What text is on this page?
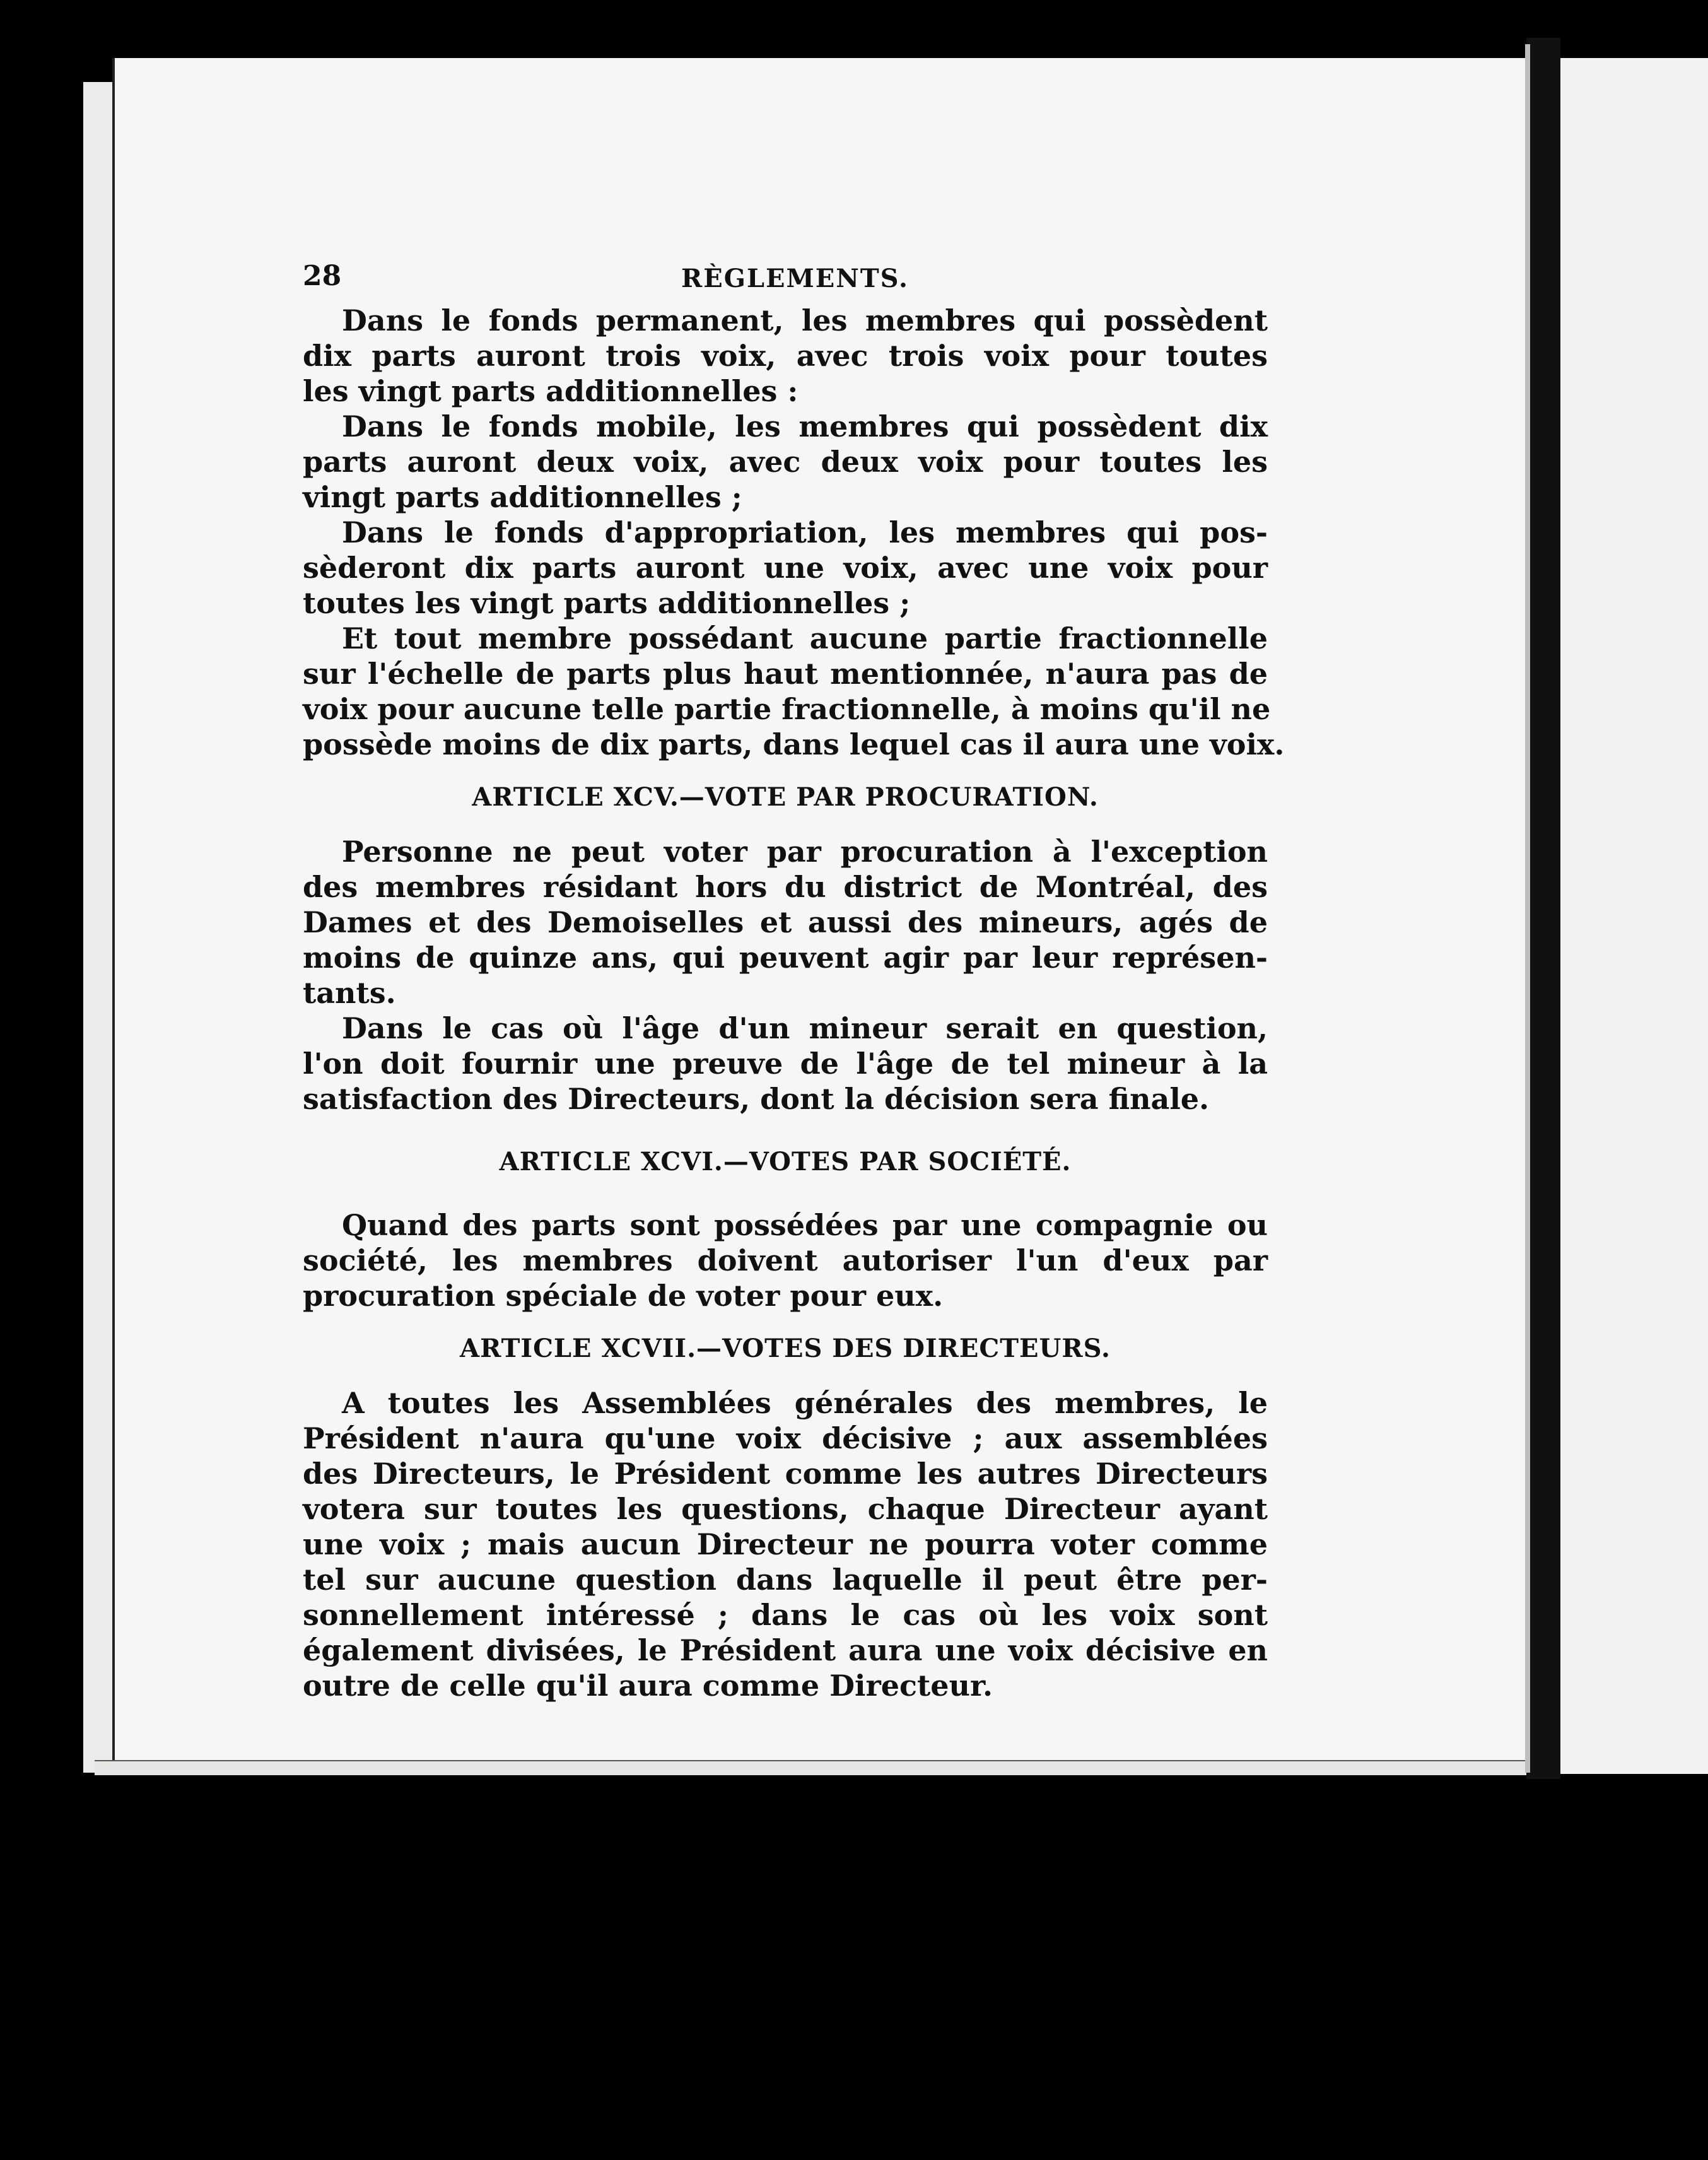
28	RÈGLEMENTS.

Dans le fonds permanent, les membres qui possèdent
dix parts auront trois voix, avec trois voix pour toutes
les vingt parts additionnelles :

Dans le fonds mobile, les membres qui possèdent dix
parts auront deux voix, avec deux voix pour toutes les
vingt parts additionnelles ;

Dans le fonds d'appropriation, les membres qui pos-
sèderont dix parts auront une voix, avec une voix pour
toutes les vingt parts additionnelles ;

Et tout membre possédant aucune partie fractionnelle
sur l'échelle de parts plus haut mentionnée, n'aura pas de
voix pour aucune telle partie fractionnelle, à moins qu'il ne
possède moins de dix parts, dans lequel cas il aura une voix.

ARTICLE XCV.—VOTE PAR PROCURATION.

Personne ne peut voter par procuration à l'exception
des membres résidant hors du district de Montréal, des
Dames et des Demoiselles et aussi des mineurs, agés de
moins de quinze ans, qui peuvent agir par leur représen-
tants.

Dans le cas où l'âge d'un mineur serait en question,
l'on doit fournir une preuve de l'âge de tel mineur à la
satisfaction des Directeurs, dont la décision sera finale.

ARTICLE XCVI.—VOTES PAR SOCIÉTÉ.

Quand des parts sont possédées par une compagnie ou
société, les membres doivent autoriser l'un d'eux par
procuration spéciale de voter pour eux.

ARTICLE XCVII.—VOTES DES DIRECTEURS.

A toutes les Assemblées générales des membres, le
Président n'aura qu'une voix décisive ; aux assemblées
des Directeurs, le Président comme les autres Directeurs
votera sur toutes les questions, chaque Directeur ayant
une voix ; mais aucun Directeur ne pourra voter comme
tel sur aucune question dans laquelle il peut être per-
sonnellement intéressé ; dans le cas où les voix sont
également divisées, le Président aura une voix décisive en
outre de celle qu'il aura comme Directeur.
